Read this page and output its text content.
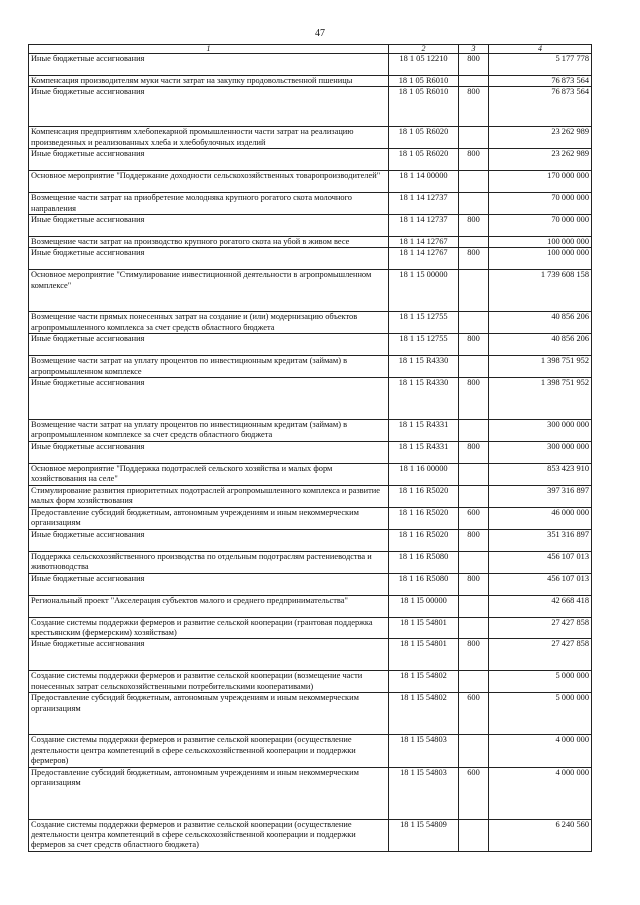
47
1	2	3	4
Иные бюджетные ассигнования	18 1 05 12210	800	5 177 778
Компенсация производителям муки части затрат на закупку продовольственной пшеницы	18 1 05 R6010		76 873 564
Иные бюджетные ассигнования	18 1 05 R6010	800	76 873 564
Компенсация предприятиям хлебопекарной промышленности части затрат на реализацию произведенных и реализованных хлеба и хлебобулочных изделий	18 1 05 R6020		23 262 989
Иные бюджетные ассигнования	18 1 05 R6020	800	23 262 989
Основное мероприятие "Поддержание доходности сельскохозяйственных товаропроизводителей"	18 1 14 00000		170 000 000
Возмещение части затрат на приобретение молодняка крупного рогатого скота молочного направления	18 1 14 12737		70 000 000
Иные бюджетные ассигнования	18 1 14 12737	800	70 000 000
Возмещение части затрат на производство крупного рогатого скота на убой в живом весе	18 1 14 12767		100 000 000
Иные бюджетные ассигнования	18 1 14 12767	800	100 000 000
Основное мероприятие "Стимулирование инвестиционной деятельности в агропромышленном комплексе"	18 1 15 00000		1 739 608 158
Возмещение части прямых понесенных затрат на создание и (или) модернизацию объектов агропромышленного комплекса за счет средств областного бюджета	18 1 15 12755		40 856 206
Иные бюджетные ассигнования	18 1 15 12755	800	40 856 206
Возмещение части затрат на уплату процентов по инвестиционным кредитам (займам) в агропромышленном комплексе	18 1 15 R4330		1 398 751 952
Иные бюджетные ассигнования	18 1 15 R4330	800	1 398 751 952
Возмещение части затрат на уплату процентов по инвестиционным кредитам (займам) в агропромышленном комплексе за счет средств областного бюджета	18 1 15 R4331		300 000 000
Иные бюджетные ассигнования	18 1 15 R4331	800	300 000 000
Основное мероприятие "Поддержка подотраслей сельского хозяйства и малых форм хозяйствования на селе"	18 1 16 00000		853 423 910
Стимулирование развития приоритетных подотраслей агропромышленного комплекса и развитие малых форм хозяйствования	18 1 16 R5020		397 316 897
Предоставление субсидий бюджетным, автономным учреждениям и иным некоммерческим организациям	18 1 16 R5020	600	46 000 000
Иные бюджетные ассигнования	18 1 16 R5020	800	351 316 897
Поддержка сельскохозяйственного производства по отдельным подотраслям растениеводства и животноводства	18 1 16 R5080		456 107 013
Иные бюджетные ассигнования	18 1 16 R5080	800	456 107 013
Региональный проект "Акселерация субъектов малого и среднего предпринимательства"	18 1 I5 00000		42 668 418
Создание системы поддержки фермеров и развитие сельской кооперации (грантовая поддержка крестьянским (фермерским) хозяйствам)	18 1 I5 54801		27 427 858
Иные бюджетные ассигнования	18 1 I5 54801	800	27 427 858
Создание системы поддержки фермеров и развитие сельской кооперации (возмещение части понесенных затрат сельскохозяйственными потребительскими кооперативами)	18 1 I5 54802		5 000 000
Предоставление субсидий бюджетным, автономным учреждениям и иным некоммерческим организациям	18 1 I5 54802	600	5 000 000
Создание системы поддержки фермеров и развитие сельской кооперации (осуществление деятельности центра компетенций в сфере сельскохозяйственной кооперации и поддержки фермеров)	18 1 I5 54803		4 000 000
Предоставление субсидий бюджетным, автономным учреждениям и иным некоммерческим организациям	18 1 I5 54803	600	4 000 000
Создание системы поддержки фермеров и развитие сельской кооперации (осуществление деятельности центра компетенций в сфере сельскохозяйственной кооперации и поддержки фермеров за счет средств областного бюджета)	18 1 I5 54809		6 240 560
